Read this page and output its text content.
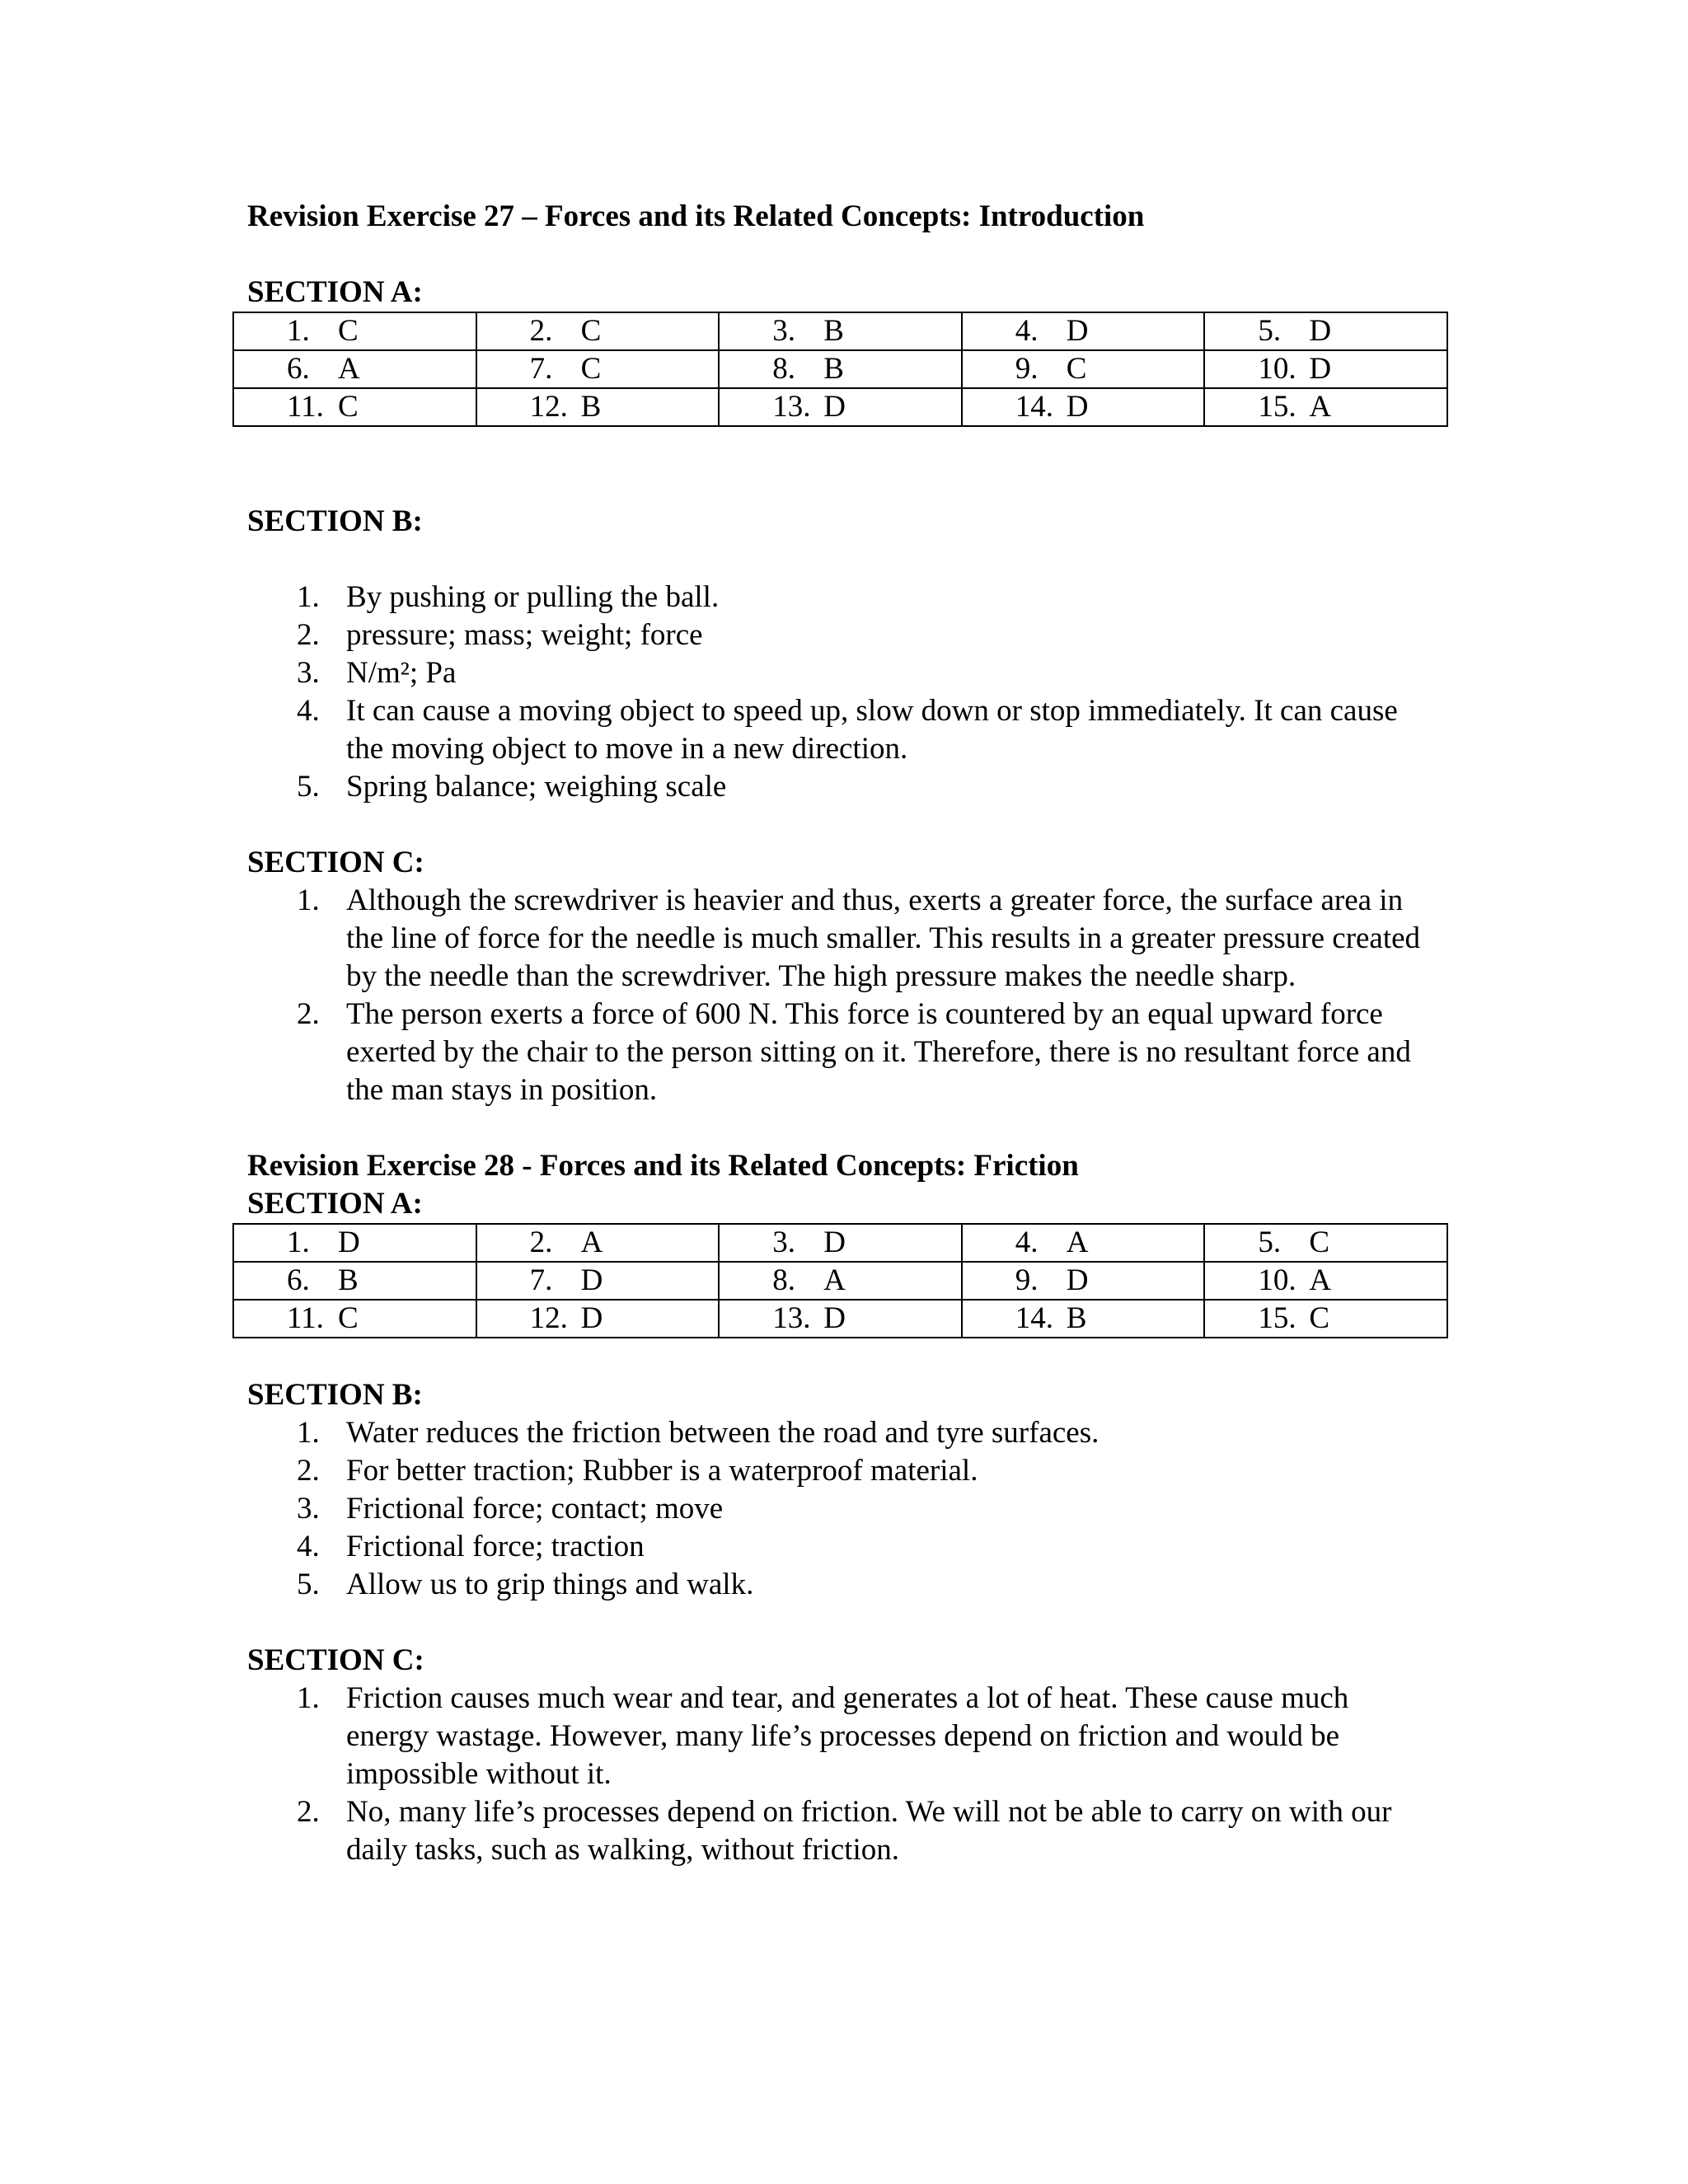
Revision Exercise 27 – Forces and its Related Concepts: Introduction

SECTION A:

1. C	2. C	3. B	4. D	5. D
6. A	7. C	8. B	9. C	10. D
11. C	12. B	13. D	14. D	15. A

SECTION B:

1. By pushing or pulling the ball.
2. pressure; mass; weight; force
3. N/m²; Pa
4. It can cause a moving object to speed up, slow down or stop immediately. It can cause the moving object to move in a new direction.
5. Spring balance; weighing scale

SECTION C:

1. Although the screwdriver is heavier and thus, exerts a greater force, the surface area in the line of force for the needle is much smaller. This results in a greater pressure created by the needle than the screwdriver. The high pressure makes the needle sharp.
2. The person exerts a force of 600 N. This force is countered by an equal upward force exerted by the chair to the person sitting on it. Therefore, there is no resultant force and the man stays in position.

Revision Exercise 28 - Forces and its Related Concepts: Friction

SECTION A:

1. D	2. A	3. D	4. A	5. C
6. B	7. D	8. A	9. D	10. A
11. C	12. D	13. D	14. B	15. C

SECTION B:

1. Water reduces the friction between the road and tyre surfaces.
2. For better traction; Rubber is a waterproof material.
3. Frictional force; contact; move
4. Frictional force; traction
5. Allow us to grip things and walk.

SECTION C:

1. Friction causes much wear and tear, and generates a lot of heat. These cause much energy wastage. However, many life’s processes depend on friction and would be impossible without it.
2. No, many life’s processes depend on friction. We will not be able to carry on with our daily tasks, such as walking, without friction.
